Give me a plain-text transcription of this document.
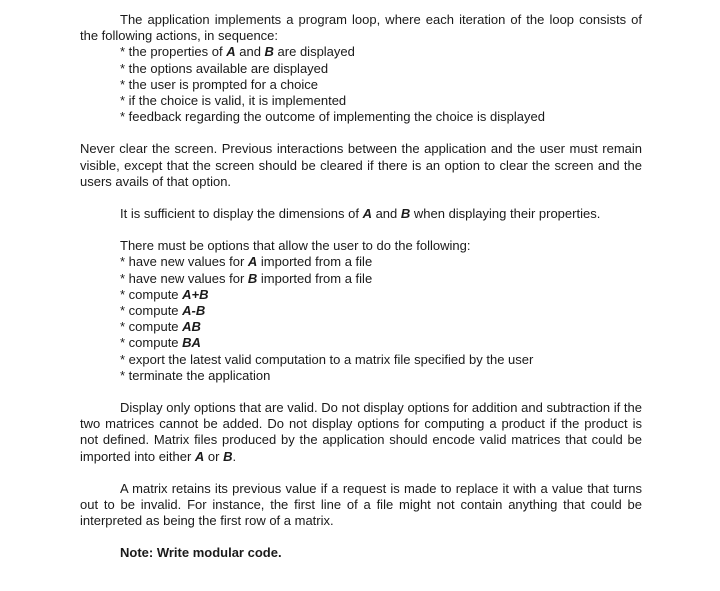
The application implements a program loop, where each iteration of the loop consists of the following actions, in sequence:

* the properties of A and B are displayed
* the options available are displayed
* the user is prompted for a choice
* if the choice is valid, it is implemented
* feedback regarding the outcome of implementing the choice is displayed

Never clear the screen. Previous interactions between the application and the user must remain visible, except that the screen should be cleared if there is an option to clear the screen and the users avails of that option.

It is sufficient to display the dimensions of A and B when displaying their properties.

There must be options that allow the user to do the following:

* have new values for A imported from a file
* have new values for B imported from a file
* compute A+B
* compute A-B
* compute AB
* compute BA
* export the latest valid computation to a matrix file specified by the user
* terminate the application

Display only options that are valid. Do not display options for addition and subtraction if the two matrices cannot be added. Do not display options for computing a product if the product is not defined. Matrix files produced by the application should encode valid matrices that could be imported into either A or B.

A matrix retains its previous value if a request is made to replace it with a value that turns out to be invalid. For instance, the first line of a file might not contain anything that could be interpreted as being the first row of a matrix.

Note: Write modular code.
